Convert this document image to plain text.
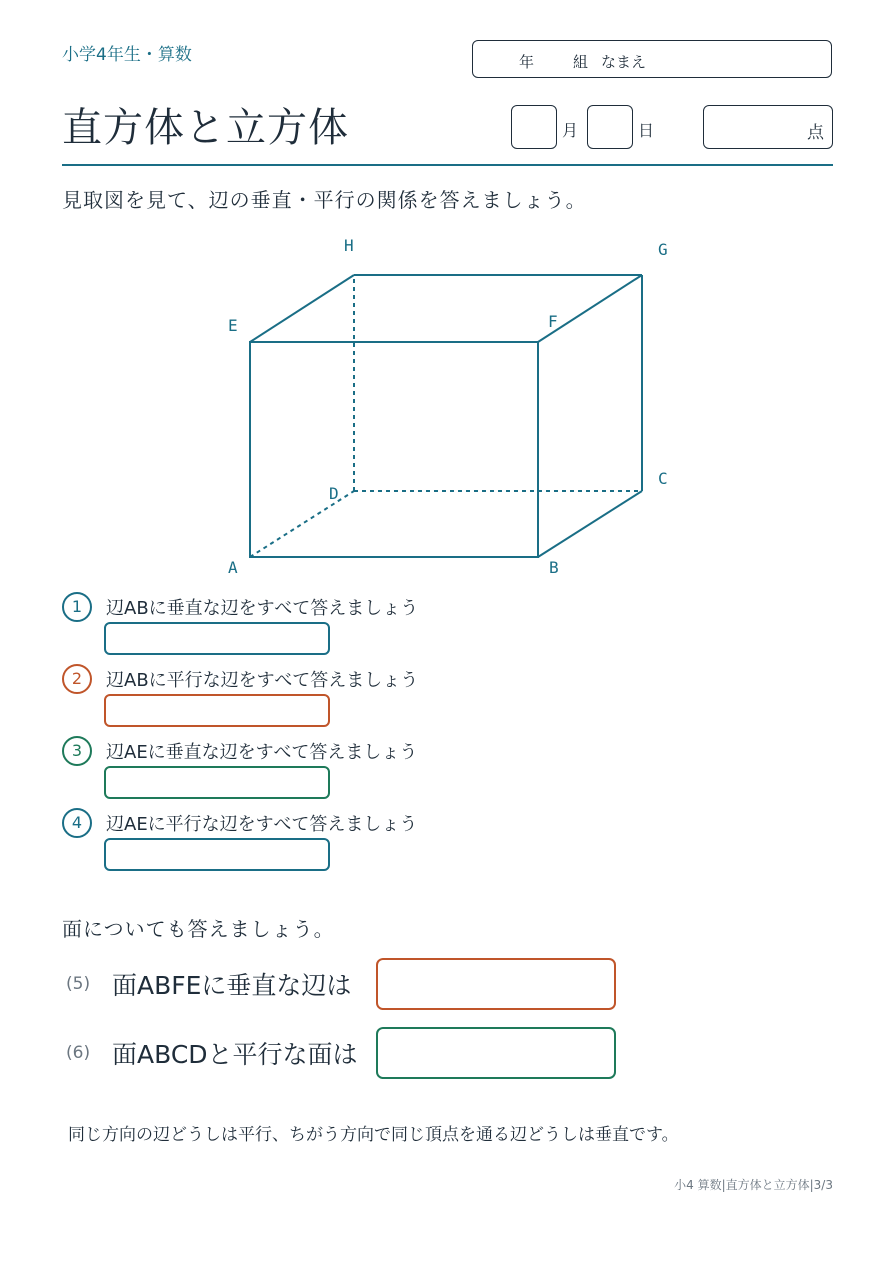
小学4年生・算数	年	組 なまえ
直方体と立方体	月	日	点
見取図を見て、辺の垂直・平行の関係を答えましょう。
H	G
E	F
C
D
A	B
1	辺ABに垂直な辺をすべて答えましょう
2	辺ABに平行な辺をすべて答えましょう
3	辺AEに垂直な辺をすべて答えましょう
4	辺AEに平行な辺をすべて答えましょう
面についても答えましょう。
(5) 面ABFEに垂直な辺は
(6) 面ABCDと平行な面は
同じ方向の辺どうしは平行、ちがう方向で同じ頂点を通る辺どうしは垂直です。
小4 算数|直方体と立方体|3/3
